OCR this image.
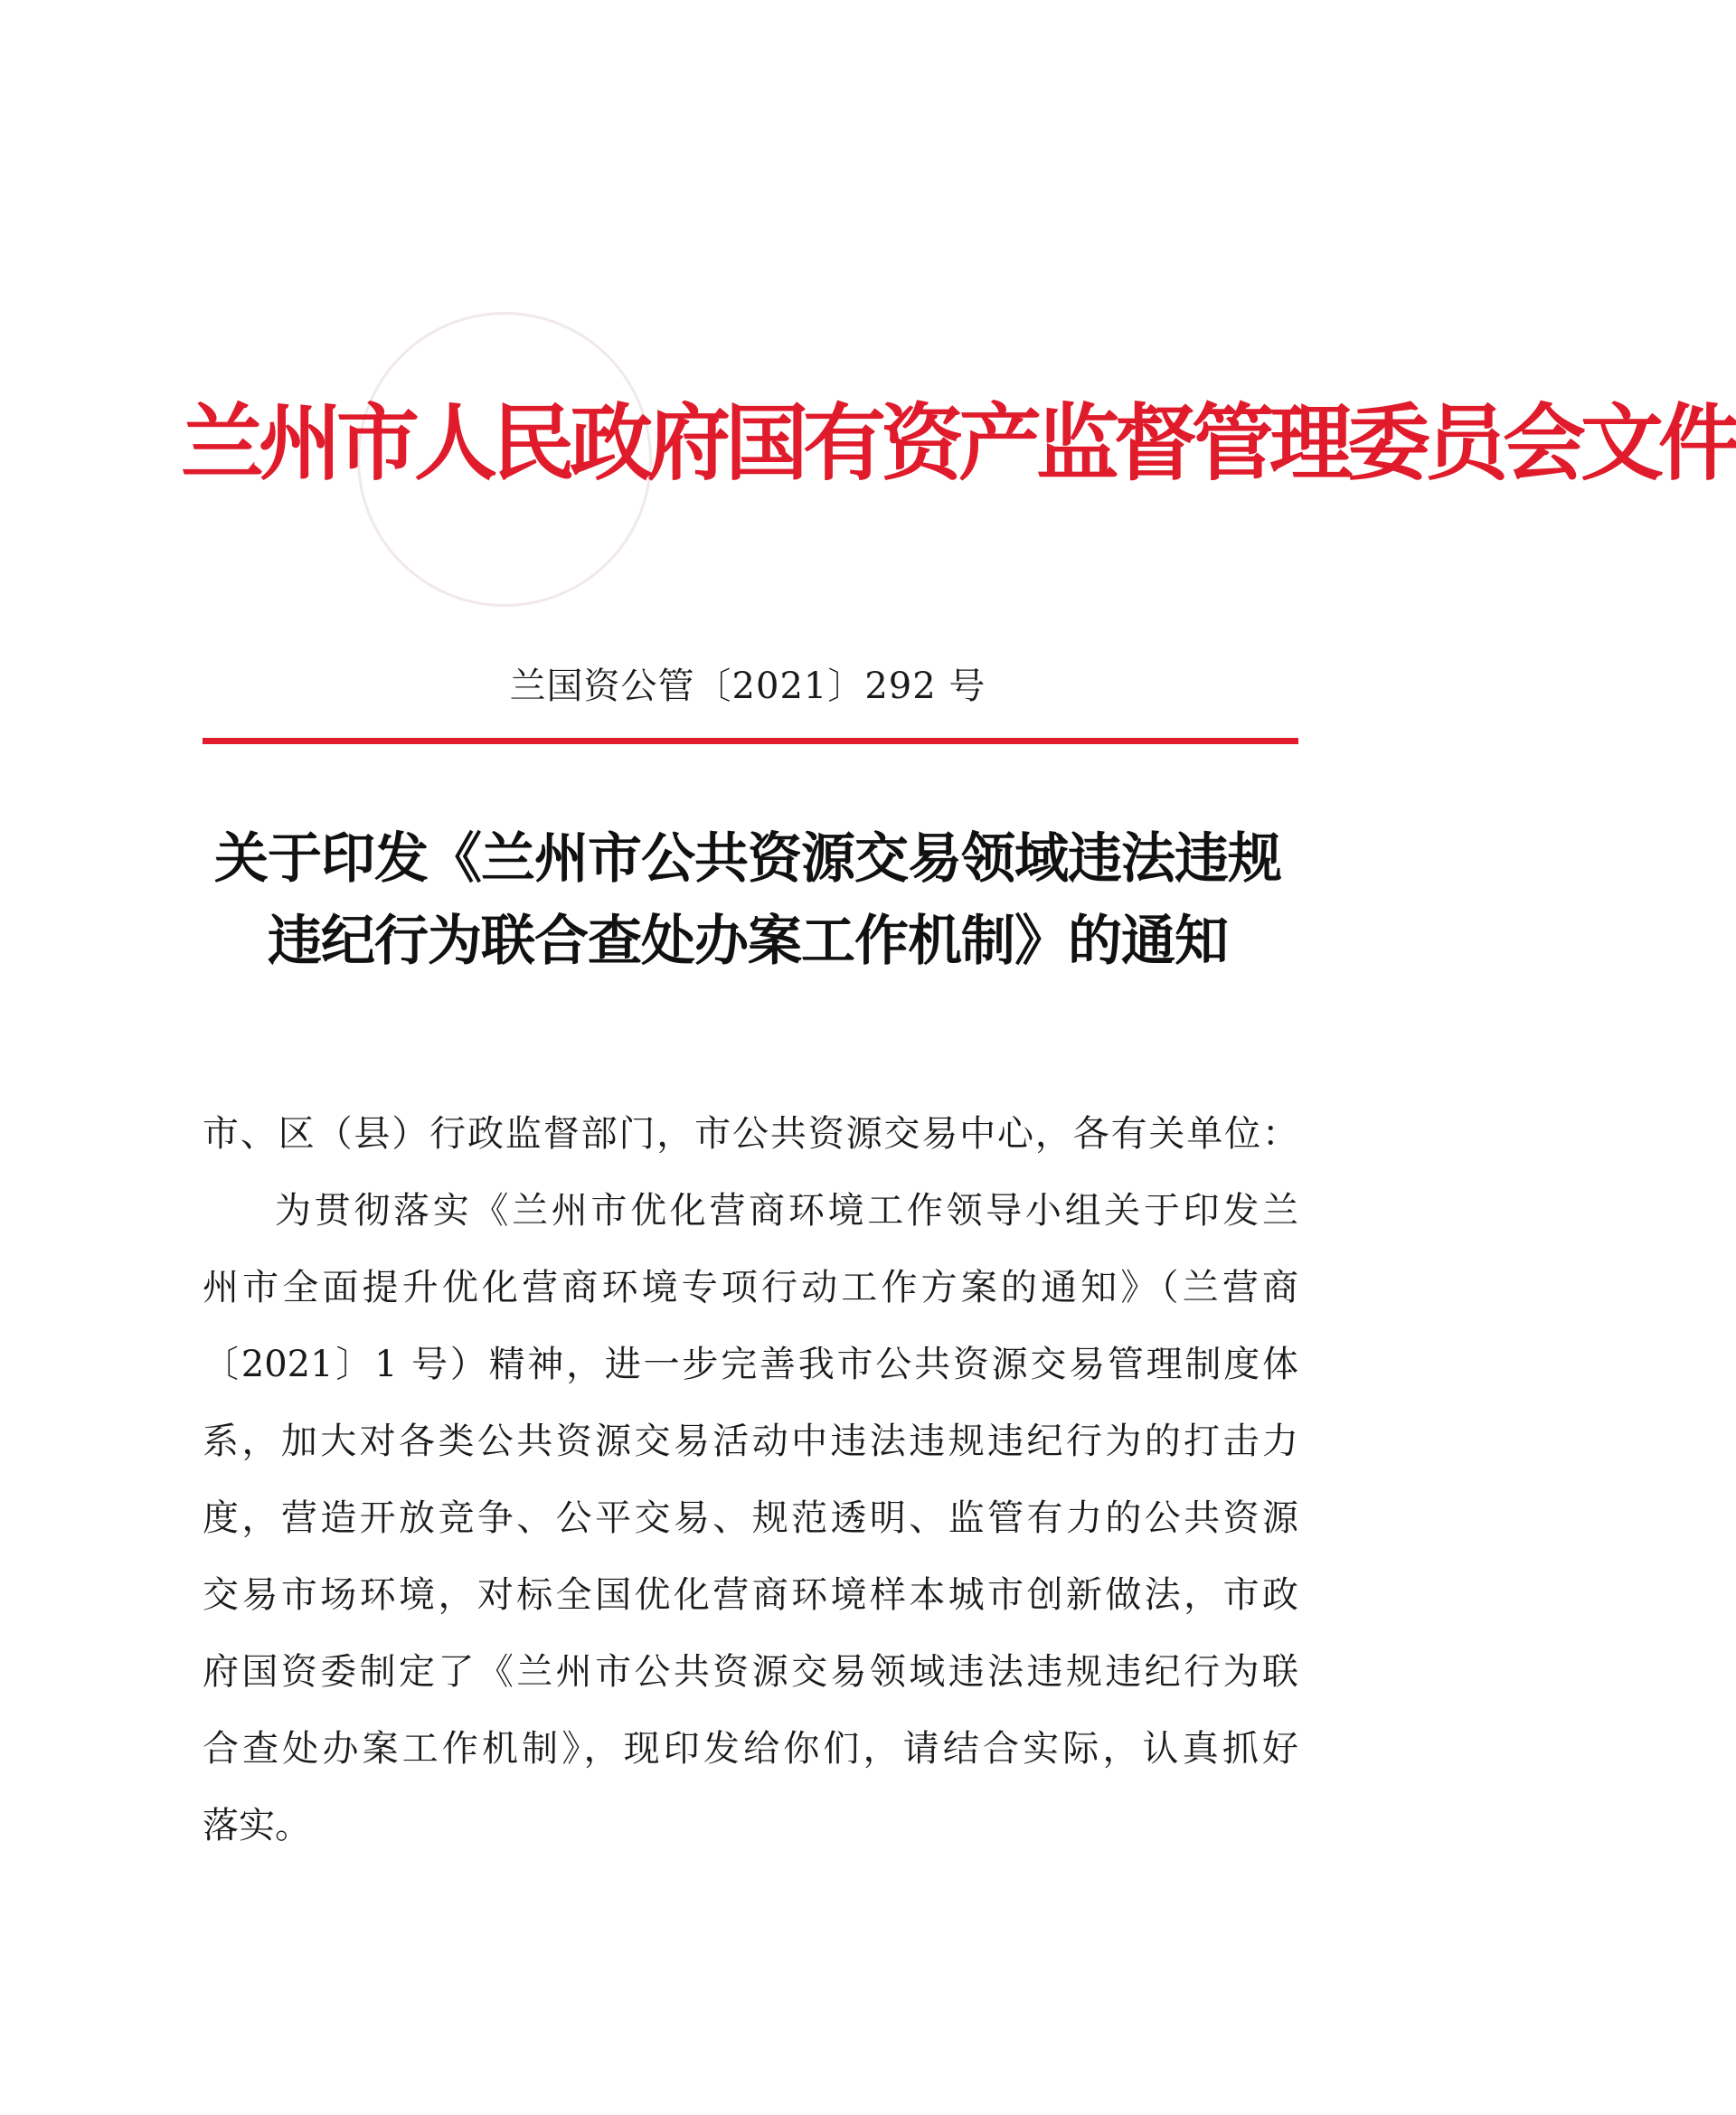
兰州市人民政府国有资产监督管理委员会文件
兰国资公管〔2021〕292 号
关于印发《兰州市公共资源交易领域违法违规
违纪行为联合查处办案工作机制》的通知
市、区（县）行政监督部门，市公共资源交易中心，各有关单位：
为贯彻落实《兰州市优化营商环境工作领导小组关于印发兰
州市全面提升优化营商环境专项行动工作方案的通知》（兰营商
〔2021〕1 号）精神，进一步完善我市公共资源交易管理制度体
系，加大对各类公共资源交易活动中违法违规违纪行为的打击力
度，营造开放竞争、公平交易、规范透明、监管有力的公共资源
交易市场环境，对标全国优化营商环境样本城市创新做法，市政
府国资委制定了《兰州市公共资源交易领域违法违规违纪行为联
合查处办案工作机制》，现印发给你们，请结合实际，认真抓好
落实。
